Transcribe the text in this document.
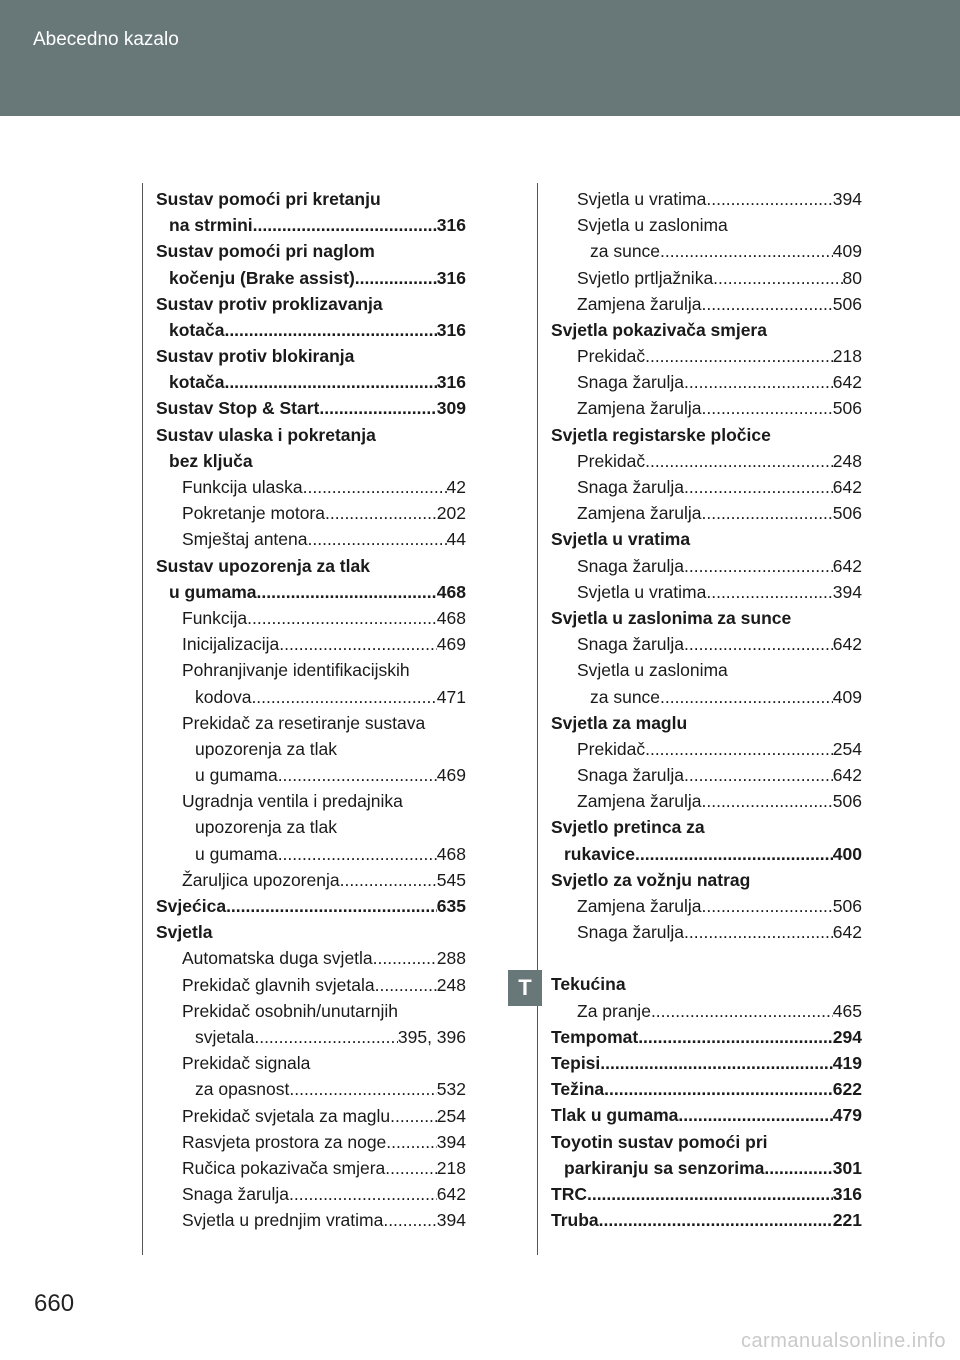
Abecedno kazalo
Sustav pomoći pri kretanju
na strmini .....	316
Sustav pomoći pri naglom
kočenju (Brake assist) .....	316
Sustav protiv proklizavanja
kotača .....	316
Sustav protiv blokiranja
kotača .....	316
Sustav Stop & Start .....	309
Sustav ulaska i pokretanja
bez ključa
Funkcija ulaska .....	42
Pokretanje motora .....	202
Smještaj antena .....	44
Sustav upozorenja za tlak
u gumama .....	468
Funkcija .....	468
Inicijalizacija .....	469
Pohranjivanje identifikacijskih
kodova .....	471
Prekidač za resetiranje sustava
upozorenja za tlak
u gumama .....	469
Ugradnja ventila i predajnika
upozorenja za tlak
u gumama .....	468
Žaruljica upozorenja .....	545
Svjećica .....	635
Svjetla
Automatska duga svjetla .....	288
Prekidač glavnih svjetala .....	248
Prekidač osobnih/unutarnjih
svjetala .....	395, 396
Prekidač signala
za opasnost .....	532
Prekidač svjetala za maglu .....	254
Rasvjeta prostora za noge .....	394
Ručica pokazivača smjera .....	218
Snaga žarulja .....	642
Svjetla u prednjim vratima .....	394
Svjetla u vratima .....	394
Svjetla u zaslonima
za sunce .....	409
Svjetlo prtljažnika .....	80
Zamjena žarulja .....	506
Svjetla pokazivača smjera
Prekidač .....	218
Snaga žarulja .....	642
Zamjena žarulja .....	506
Svjetla registarske pločice
Prekidač .....	248
Snaga žarulja .....	642
Zamjena žarulja .....	506
Svjetla u vratima
Snaga žarulja .....	642
Svjetla u vratima .....	394
Svjetla u zaslonima za sunce
Snaga žarulja .....	642
Svjetla u zaslonima
za sunce .....	409
Svjetla za maglu
Prekidač .....	254
Snaga žarulja .....	642
Zamjena žarulja .....	506
Svjetlo pretinca za
rukavice .....	400
Svjetlo za vožnju natrag
Zamjena žarulja .....	506
Snaga žarulja .....	642
Tekućina
Za pranje .....	465
Tempomat .....	294
Tepisi .....	419
Težina .....	622
Tlak u gumama .....	479
Toyotin sustav pomoći pri
parkiranju sa senzorima .....	301
TRC .....	316
Truba .....	221
T
660
carmanualsonline.info
